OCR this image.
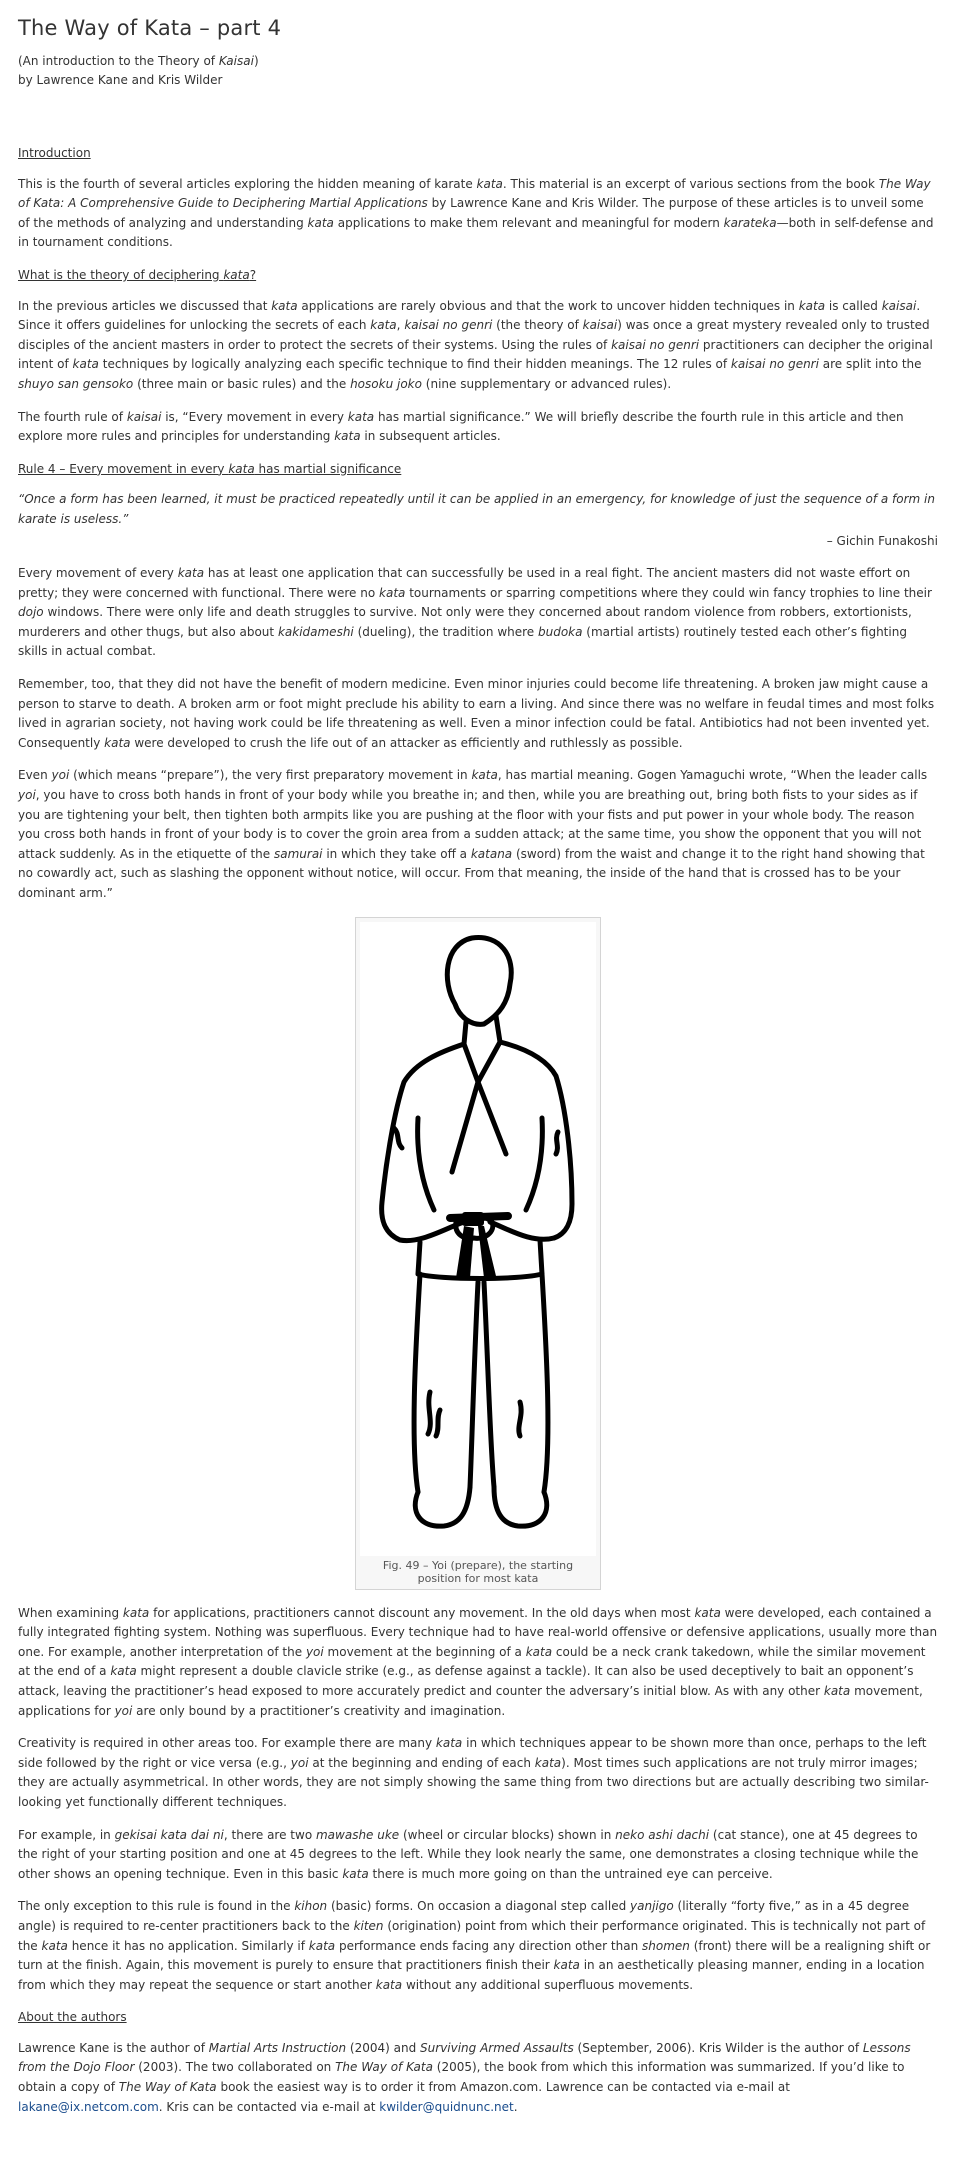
The Way of Kata – part 4
(An introduction to the Theory of Kaisai)
by Lawrence Kane and Kris Wilder

Introduction

This is the fourth of several articles exploring the hidden meaning of karate kata. This material is an excerpt of various sections from the book The Way of Kata: A Comprehensive Guide to Deciphering Martial Applications by Lawrence Kane and Kris Wilder. The purpose of these articles is to unveil some of the methods of analyzing and understanding kata applications to make them relevant and meaningful for modern karateka—both in self-defense and in tournament conditions.

What is the theory of deciphering kata?

In the previous articles we discussed that kata applications are rarely obvious and that the work to uncover hidden techniques in kata is called kaisai. Since it offers guidelines for unlocking the secrets of each kata, kaisai no genri (the theory of kaisai) was once a great mystery revealed only to trusted disciples of the ancient masters in order to protect the secrets of their systems. Using the rules of kaisai no genri practitioners can decipher the original intent of kata techniques by logically analyzing each specific technique to find their hidden meanings. The 12 rules of kaisai no genri are split into the shuyo san gensoko (three main or basic rules) and the hosoku joko (nine supplementary or advanced rules).

The fourth rule of kaisai is, “Every movement in every kata has martial significance.” We will briefly describe the fourth rule in this article and then explore more rules and principles for understanding kata in subsequent articles.

Rule 4 – Every movement in every kata has martial significance

“Once a form has been learned, it must be practiced repeatedly until it can be applied in an emergency, for knowledge of just the sequence of a form in karate is useless.”

– Gichin Funakoshi

Every movement of every kata has at least one application that can successfully be used in a real fight. The ancient masters did not waste effort on pretty; they were concerned with functional. There were no kata tournaments or sparring competitions where they could win fancy trophies to line their dojo windows. There were only life and death struggles to survive. Not only were they concerned about random violence from robbers, extortionists, murderers and other thugs, but also about kakidameshi (dueling), the tradition where budoka (martial artists) routinely tested each other’s fighting skills in actual combat.

Remember, too, that they did not have the benefit of modern medicine. Even minor injuries could become life threatening. A broken jaw might cause a person to starve to death. A broken arm or foot might preclude his ability to earn a living. And since there was no welfare in feudal times and most folks lived in agrarian society, not having work could be life threatening as well. Even a minor infection could be fatal. Antibiotics had not been invented yet. Consequently kata were developed to crush the life out of an attacker as efficiently and ruthlessly as possible.

Even yoi (which means “prepare”), the very first preparatory movement in kata, has martial meaning. Gogen Yamaguchi wrote, “When the leader calls yoi, you have to cross both hands in front of your body while you breathe in; and then, while you are breathing out, bring both fists to your sides as if you are tightening your belt, then tighten both armpits like you are pushing at the floor with your fists and put power in your whole body. The reason you cross both hands in front of your body is to cover the groin area from a sudden attack; at the same time, you show the opponent that you will not attack suddenly. As in the etiquette of the samurai in which they take off a katana (sword) from the waist and change it to the right hand showing that no cowardly act, such as slashing the opponent without notice, will occur. From that meaning, the inside of the hand that is crossed has to be your dominant arm.”

Fig. 49 – Yoi (prepare), the starting position for most kata

When examining kata for applications, practitioners cannot discount any movement. In the old days when most kata were developed, each contained a fully integrated fighting system. Nothing was superfluous. Every technique had to have real-world offensive or defensive applications, usually more than one. For example, another interpretation of the yoi movement at the beginning of a kata could be a neck crank takedown, while the similar movement at the end of a kata might represent a double clavicle strike (e.g., as defense against a tackle). It can also be used deceptively to bait an opponent’s attack, leaving the practitioner’s head exposed to more accurately predict and counter the adversary’s initial blow. As with any other kata movement, applications for yoi are only bound by a practitioner’s creativity and imagination.

Creativity is required in other areas too. For example there are many kata in which techniques appear to be shown more than once, perhaps to the left side followed by the right or vice versa (e.g., yoi at the beginning and ending of each kata). Most times such applications are not truly mirror images; they are actually asymmetrical. In other words, they are not simply showing the same thing from two directions but are actually describing two similar-looking yet functionally different techniques.

For example, in gekisai kata dai ni, there are two mawashe uke (wheel or circular blocks) shown in neko ashi dachi (cat stance), one at 45 degrees to the right of your starting position and one at 45 degrees to the left. While they look nearly the same, one demonstrates a closing technique while the other shows an opening technique. Even in this basic kata there is much more going on than the untrained eye can perceive.

The only exception to this rule is found in the kihon (basic) forms. On occasion a diagonal step called yanjigo (literally “forty five,” as in a 45 degree angle) is required to re-center practitioners back to the kiten (origination) point from which their performance originated. This is technically not part of the kata hence it has no application. Similarly if kata performance ends facing any direction other than shomen (front) there will be a realigning shift or turn at the finish. Again, this movement is purely to ensure that practitioners finish their kata in an aesthetically pleasing manner, ending in a location from which they may repeat the sequence or start another kata without any additional superfluous movements.

About the authors

Lawrence Kane is the author of Martial Arts Instruction (2004) and Surviving Armed Assaults (September, 2006). Kris Wilder is the author of Lessons from the Dojo Floor (2003). The two collaborated on The Way of Kata (2005), the book from which this information was summarized. If you’d like to obtain a copy of The Way of Kata book the easiest way is to order it from Amazon.com. Lawrence can be contacted via e-mail at lakane@ix.netcom.com. Kris can be contacted via e-mail at kwilder@quidnunc.net.
